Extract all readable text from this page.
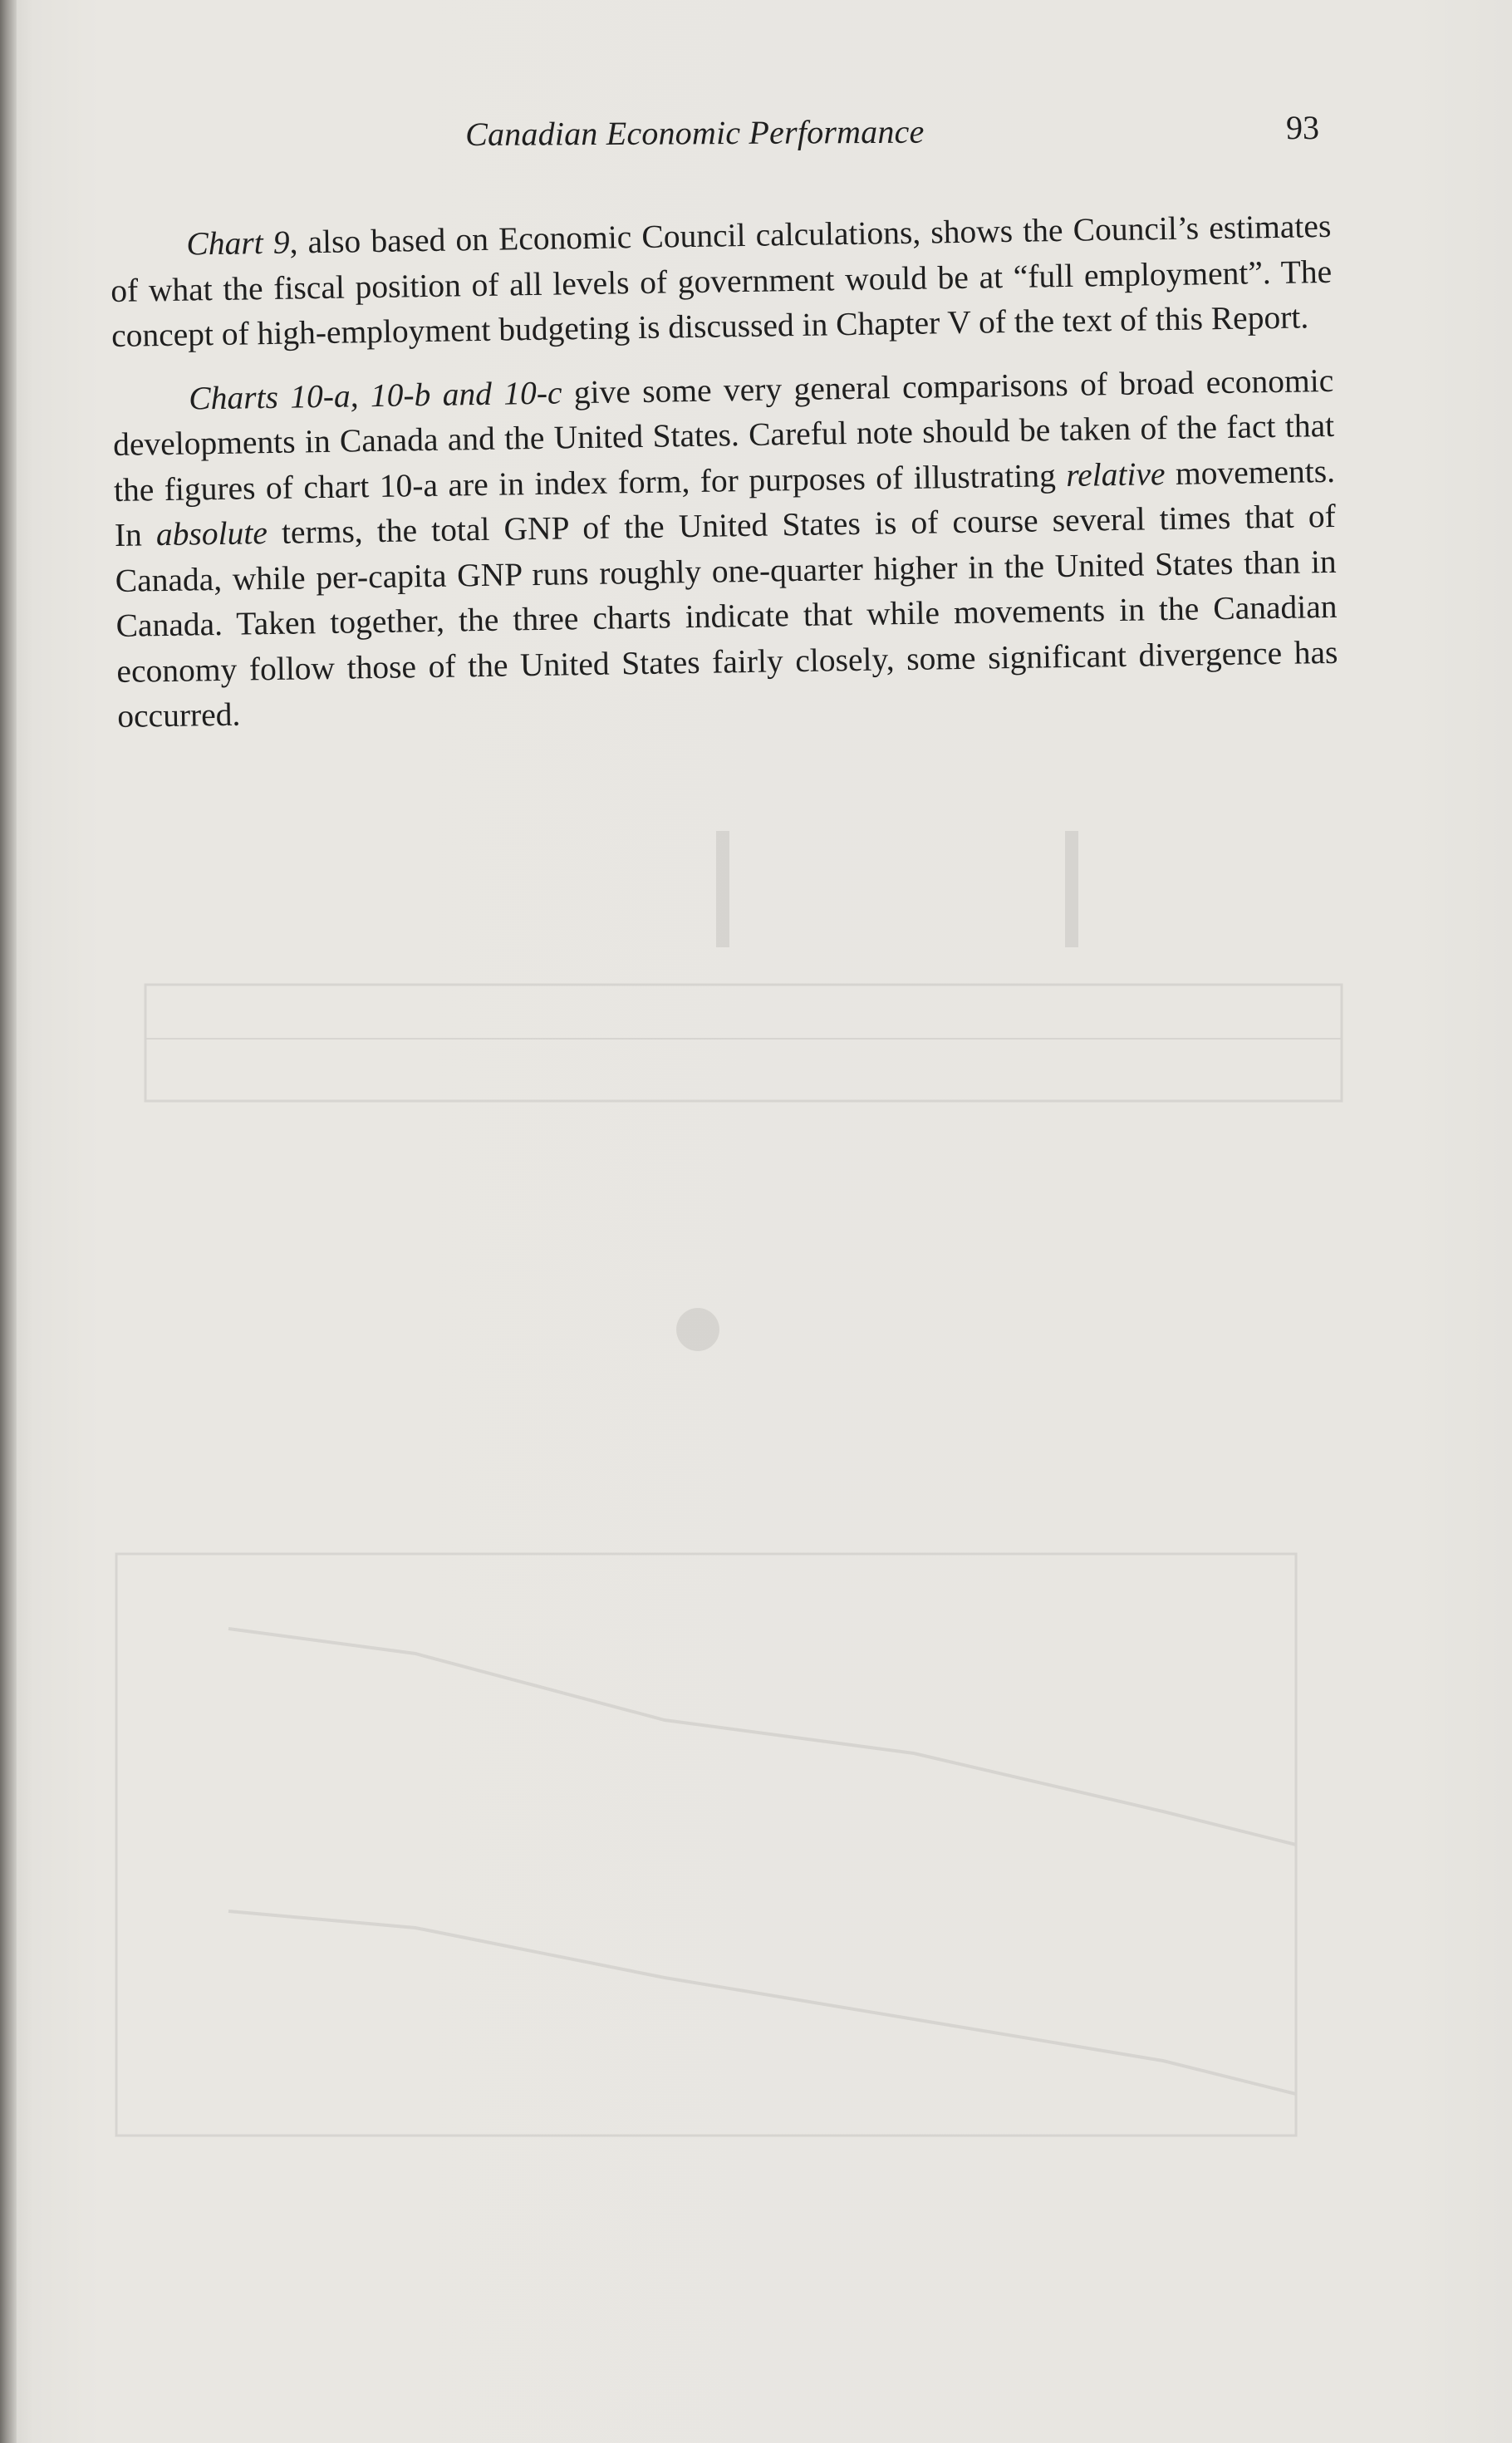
Canadian Economic Performance	93

Chart 9, also based on Economic Council calculations, shows the Council’s estimates of what the fiscal position of all levels of government would be at “full employment”. The concept of high-employment budgeting is discussed in Chapter V of the text of this Report.

Charts 10-a, 10-b and 10-c give some very general comparisons of broad economic developments in Canada and the United States. Careful note should be taken of the fact that the figures of chart 10-a are in index form, for purposes of illustrating relative movements. In absolute terms, the total GNP of the United States is of course several times that of Canada, while per-capita GNP runs roughly one-quarter higher in the United States than in Canada. Taken together, the three charts indicate that while movements in the Canadian economy follow those of the United States fairly closely, some significant divergence has occurred.
